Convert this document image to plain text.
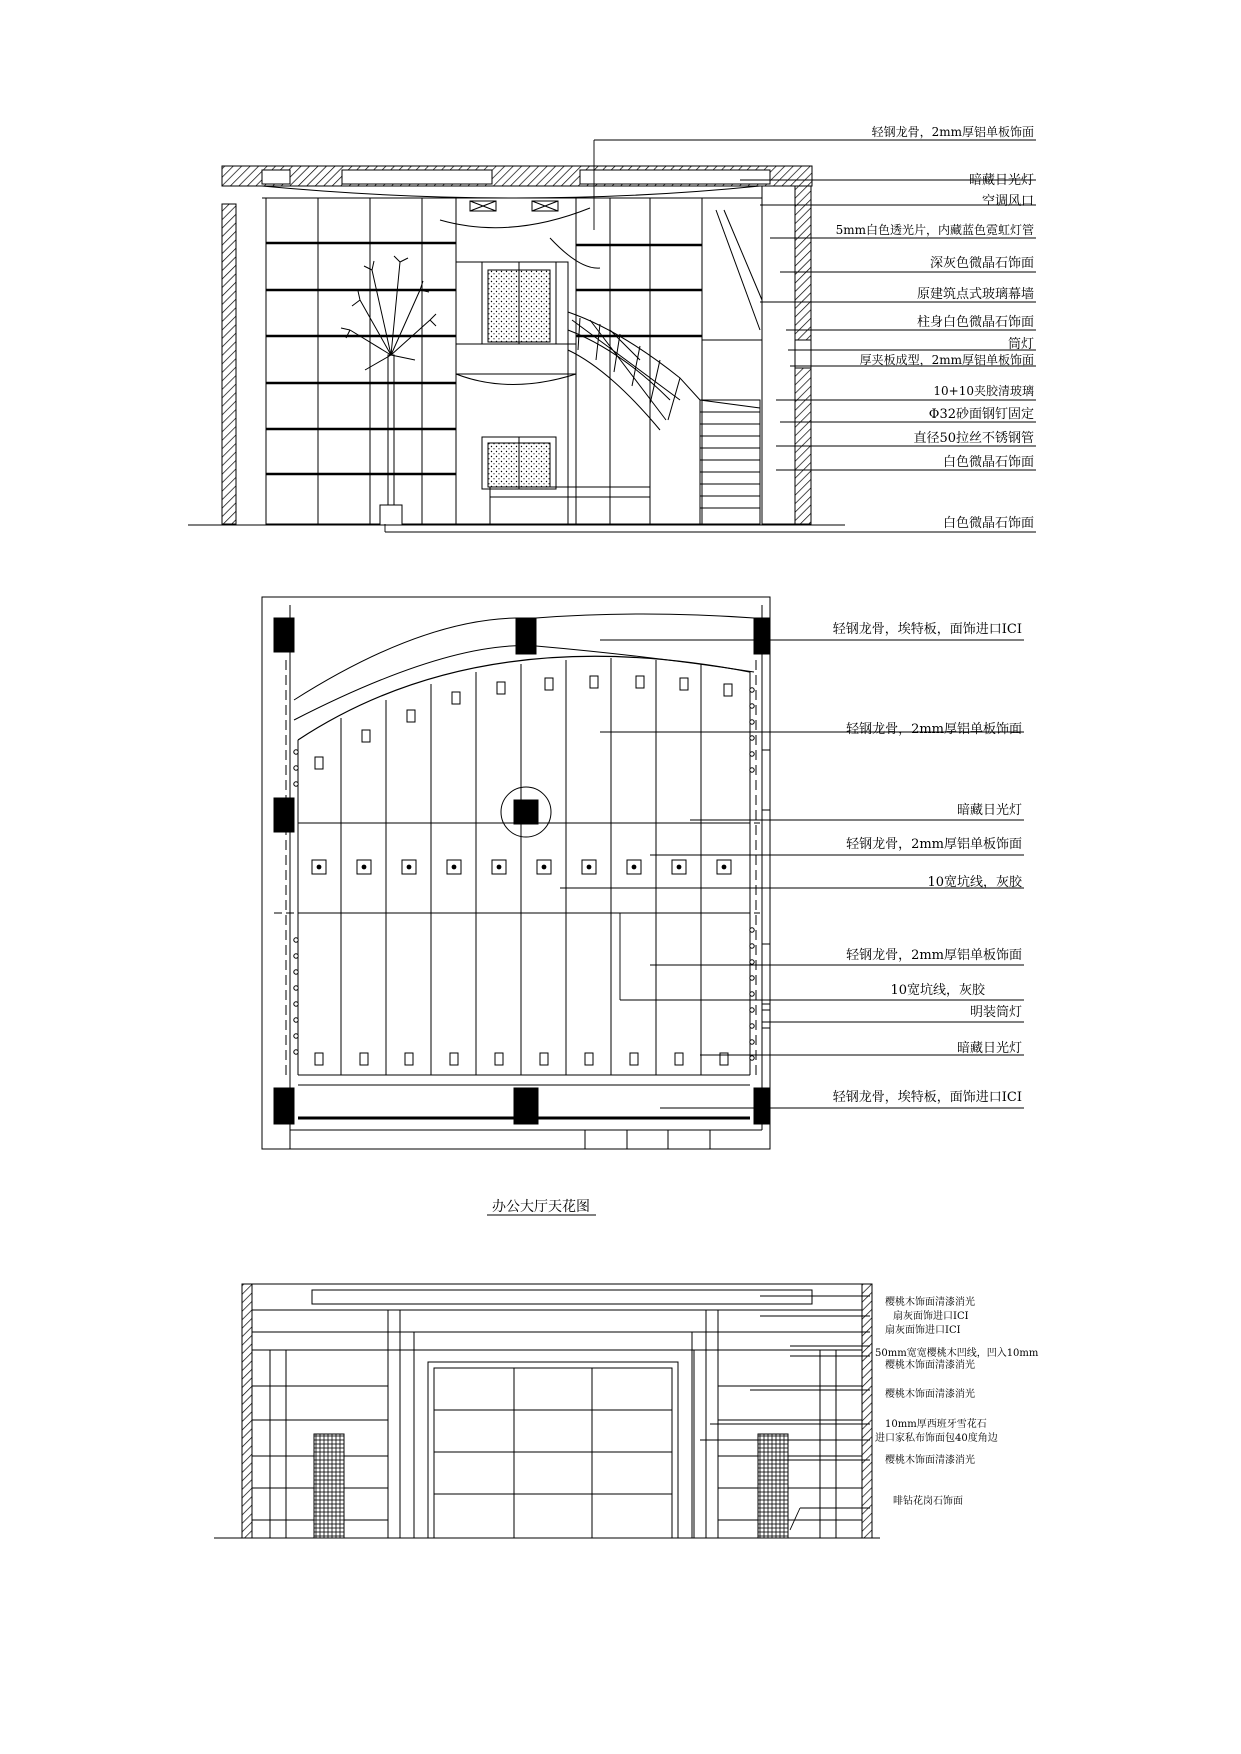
轻钢龙骨，2mm厚铝单板饰面
暗藏日光灯
空调风口
5mm白色透光片，内藏蓝色霓虹灯管
深灰色微晶石饰面
原建筑点式玻璃幕墙
柱身白色微晶石饰面
筒灯
厚夹板成型，2mm厚铝单板饰面
10+10夹胶清玻璃
Φ32砂面钢钉固定
直径50拉丝不锈钢管
白色微晶石饰面
白色微晶石饰面
轻钢龙骨，埃特板，面饰进口ICI
轻钢龙骨，2mm厚铝单板饰面
暗藏日光灯
轻钢龙骨，2mm厚铝单板饰面
10宽坑线，灰胶
轻钢龙骨，2mm厚铝单板饰面
10宽坑线，灰胶
明装筒灯
暗藏日光灯
轻钢龙骨，埃特板，面饰进口ICI
办公大厅天花图
樱桃木饰面清漆消光
扇灰面饰进口ICI
扇灰面饰进口ICI
50mm宽宽樱桃木凹线，凹入10mm
樱桃木饰面清漆消光
樱桃木饰面清漆消光
10mm厚西班牙雪花石
进口家私布饰面包40度角边
樱桃木饰面清漆消光
啡钻花岗石饰面
